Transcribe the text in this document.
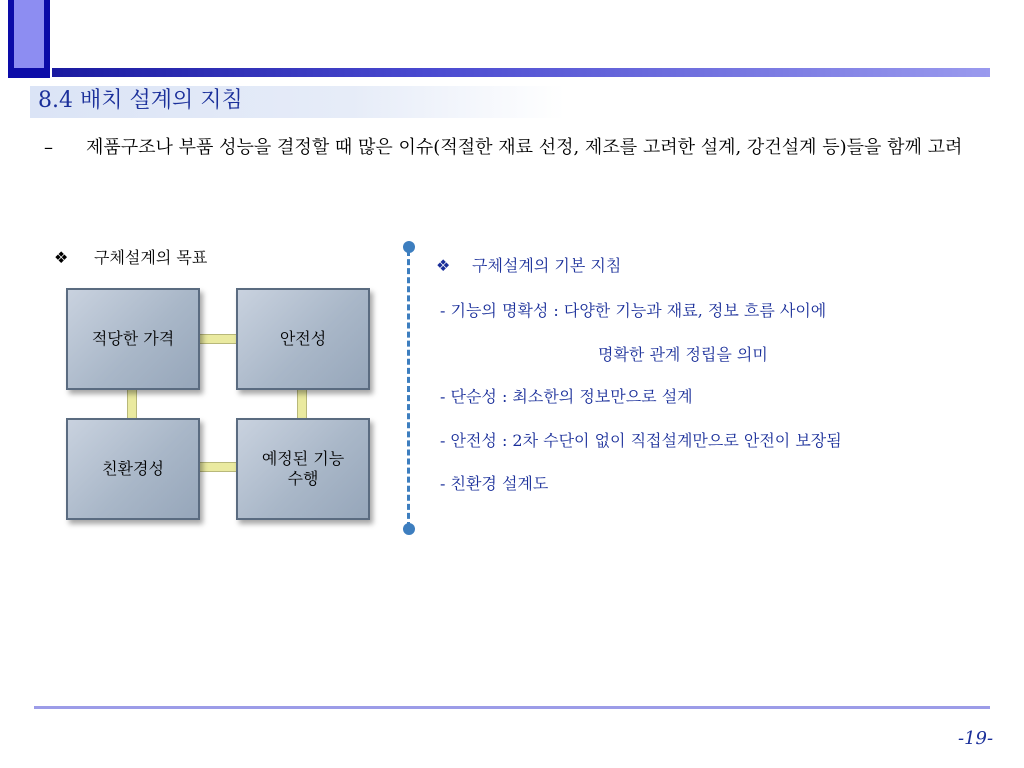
8.4 배치 설계의 지침
– 제품구조나 부품 성능을 결정할 때 많은 이슈(적절한 재료 선정, 제조를 고려한 설계, 강건설계 등)들을 함께 고려
❖ 구체설계의 목표
적당한 가격	안전성
친환경성
예정된 기능
수행
❖ 구체설계의 기본 지침
- 기능의 명확성 : 다양한 기능과 재료, 정보 흐름 사이에
명확한 관계 정립을 의미
- 단순성 : 최소한의 정보만으로 설계
- 안전성 : 2차 수단이 없이 직접설계만으로 안전이 보장됨
- 친환경 설계도
-19-
